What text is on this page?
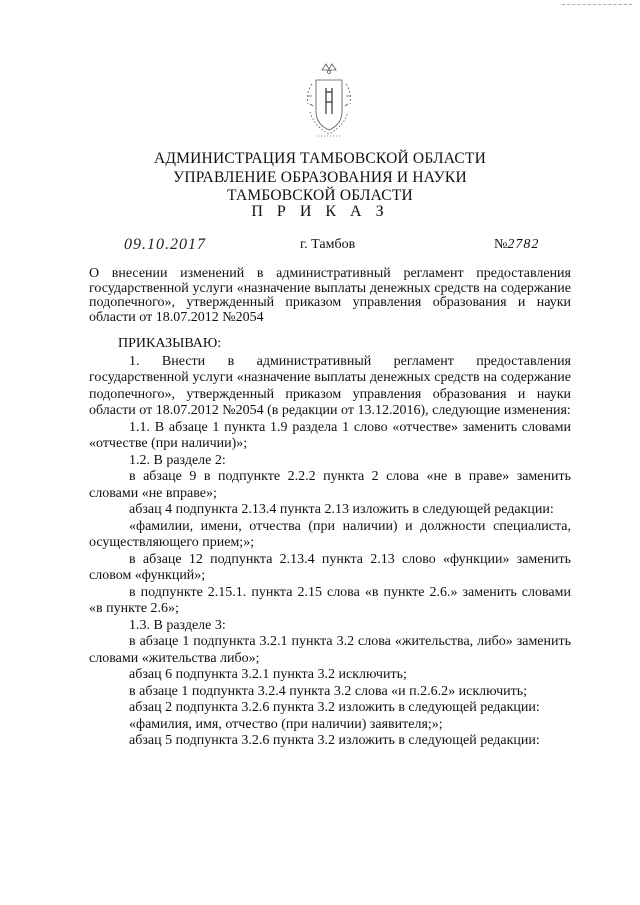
АДМИНИСТРАЦИЯ ТАМБОВСКОЙ ОБЛАСТИ
УПРАВЛЕНИЕ ОБРАЗОВАНИЯ И НАУКИ
ТАМБОВСКОЙ ОБЛАСТИ
П Р И К А З
09.10.2017	г. Тамбов	№2782
О внесении изменений в административный регламент предоставления государственной услуги «назначение выплаты денежных средств на содержание подопечного», утвержденный приказом управления образования и науки области от 18.07.2012 №2054

ПРИКАЗЫВАЮ:

1. Внести в административный регламент предоставления государственной услуги «назначение выплаты денежных средств на содержание подопечного», утвержденный приказом управления образования и науки области от 18.07.2012 №2054 (в редакции от 13.12.2016), следующие изменения:

1.1. В абзаце 1 пункта 1.9 раздела 1 слово «отчестве» заменить словами «отчестве (при наличии)»;

1.2. В разделе 2:

в абзаце 9 в подпункте 2.2.2 пункта 2 слова «не в праве» заменить словами «не вправе»;

абзац 4 подпункта 2.13.4 пункта 2.13 изложить в следующей редакции:

«фамилии, имени, отчества (при наличии) и должности специалиста, осуществляющего прием;»;

в абзаце 12 подпункта 2.13.4 пункта 2.13 слово «функции» заменить словом «функций»;

в подпункте 2.15.1. пункта 2.15 слова «в пункте 2.6.» заменить словами «в пункте 2.6»;

1.3. В разделе 3:

в абзаце 1 подпункта 3.2.1 пункта 3.2 слова «жительства, либо» заменить словами «жительства либо»;

абзац 6 подпункта 3.2.1 пункта 3.2 исключить;

в абзаце 1 подпункта 3.2.4 пункта 3.2 слова «и п.2.6.2» исключить;

абзац 2 подпункта 3.2.6 пункта 3.2 изложить в следующей редакции:

«фамилия, имя, отчество (при наличии) заявителя;»;

абзац 5 подпункта 3.2.6 пункта 3.2 изложить в следующей редакции:
